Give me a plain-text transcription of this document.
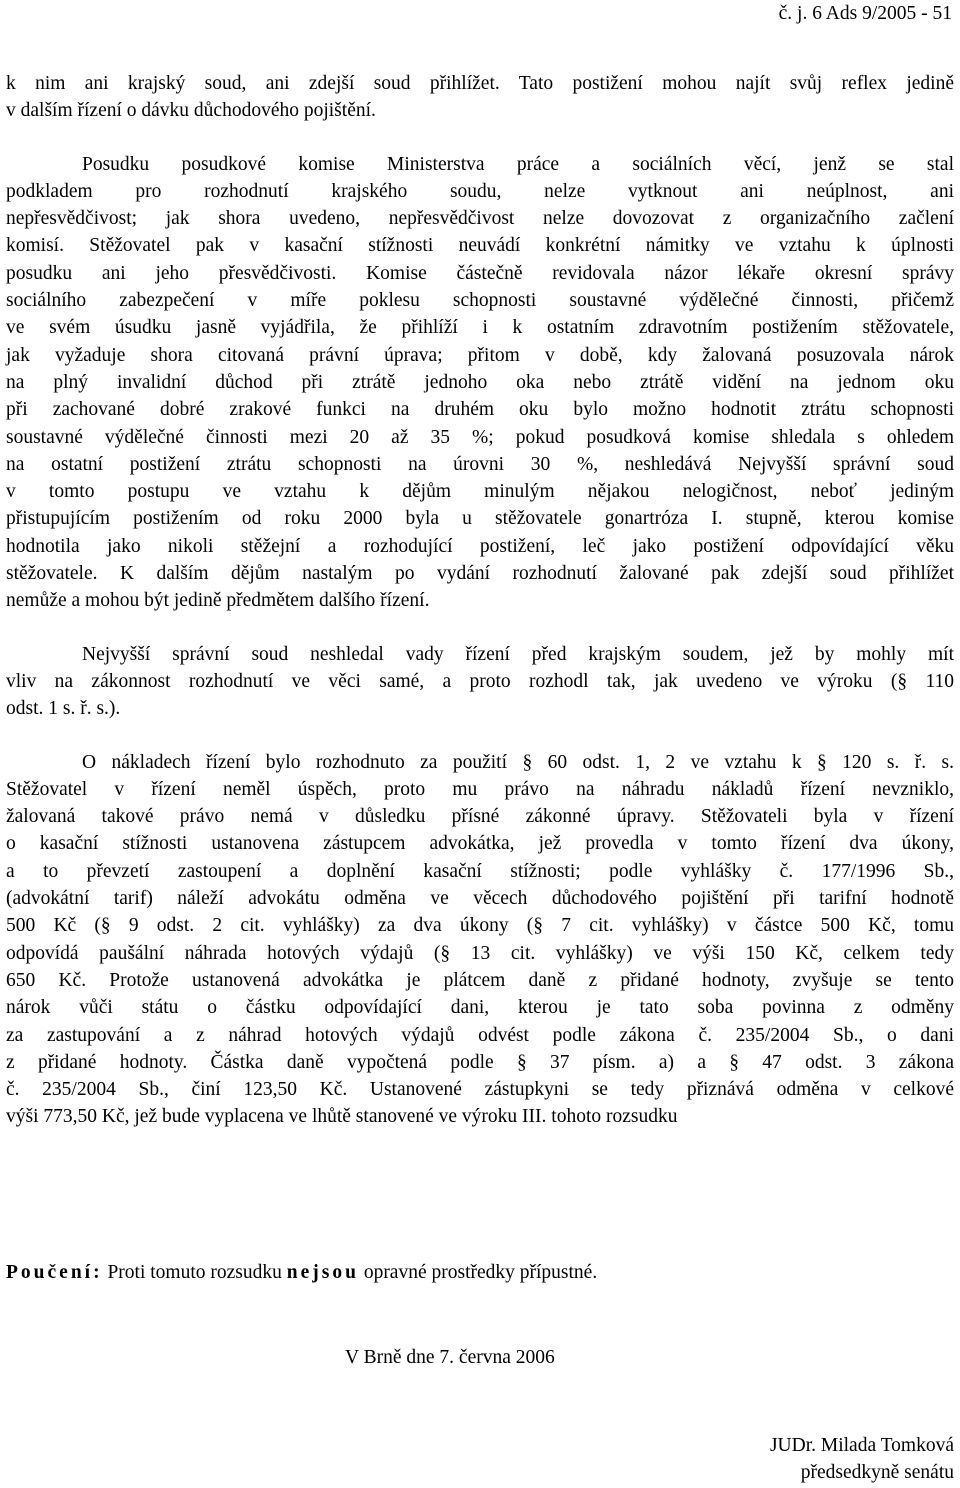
č. j. 6 Ads 9/2005 - 51
k nim ani krajský soud, ani zdejší soud přihlížet. Tato postižení mohou najít svůj reflex jedině
v dalším řízení o dávku důchodového pojištění.
Posudku posudkové komise Ministerstva práce a sociálních věcí, jenž se stal
podkladem pro rozhodnutí krajského soudu, nelze vytknout ani neúplnost, ani
nepřesvědčivost; jak shora uvedeno, nepřesvědčivost nelze dovozovat z organizačního začlení
komisí. Stěžovatel pak v kasační stížnosti neuvádí konkrétní námitky ve vztahu k úplnosti
posudku ani jeho přesvědčivosti. Komise částečně revidovala názor lékaře okresní správy
sociálního zabezpečení v míře poklesu schopnosti soustavné výdělečné činnosti, přičemž
ve svém úsudku jasně vyjádřila, že přihlíží i k ostatním zdravotním postižením stěžovatele,
jak vyžaduje shora citovaná právní úprava; přitom v době, kdy žalovaná posuzovala nárok
na plný invalidní důchod při ztrátě jednoho oka nebo ztrátě vidění na jednom oku
při zachované dobré zrakové funkci na druhém oku bylo možno hodnotit ztrátu schopnosti
soustavné výdělečné činnosti mezi 20 až 35 %; pokud posudková komise shledala s ohledem
na ostatní postižení ztrátu schopnosti na úrovni 30 %, neshledává Nejvyšší správní soud
v tomto postupu ve vztahu k dějům minulým nějakou nelogičnost, neboť jediným
přistupujícím postižením od roku 2000 byla u stěžovatele gonartróza I. stupně, kterou komise
hodnotila jako nikoli stěžejní a rozhodující postižení, leč jako postižení odpovídající věku
stěžovatele. K dalším dějům nastalým po vydání rozhodnutí žalované pak zdejší soud přihlížet
nemůže a mohou být jedině předmětem dalšího řízení.
Nejvyšší správní soud neshledal vady řízení před krajským soudem, jež by mohly mít
vliv na zákonnost rozhodnutí ve věci samé, a proto rozhodl tak, jak uvedeno ve výroku (§ 110
odst. 1 s. ř. s.).
O nákladech řízení bylo rozhodnuto za použití § 60 odst. 1, 2 ve vztahu k § 120 s. ř. s.
Stěžovatel v řízení neměl úspěch, proto mu právo na náhradu nákladů řízení nevzniklo,
žalovaná takové právo nemá v důsledku přísné zákonné úpravy. Stěžovateli byla v řízení
o kasační stížnosti ustanovena zástupcem advokátka, jež provedla v tomto řízení dva úkony,
a to převzetí zastoupení a doplnění kasační stížnosti; podle vyhlášky č. 177/1996 Sb.,
(advokátní tarif) náleží advokátu odměna ve věcech důchodového pojištění při tarifní hodnotě
500 Kč (§ 9 odst. 2 cit. vyhlášky) za dva úkony (§ 7 cit. vyhlášky) v částce 500 Kč, tomu
odpovídá paušální náhrada hotových výdajů (§ 13 cit. vyhlášky) ve výši 150 Kč, celkem tedy
650 Kč. Protože ustanovená advokátka je plátcem daně z přidané hodnoty, zvyšuje se tento
nárok vůči státu o částku odpovídající dani, kterou je tato soba povinna z odměny
za zastupování a z náhrad hotových výdajů odvést podle zákona č. 235/2004 Sb., o dani
z přidané hodnoty. Částka daně vypočtená podle § 37 písm. a) a § 47 odst. 3 zákona
č. 235/2004 Sb., činí 123,50 Kč. Ustanovené zástupkyni se tedy přiznává odměna v celkové
výši 773,50 Kč, jež bude vyplacena ve lhůtě stanovené ve výroku III. tohoto rozsudku
Poučení: Proti tomuto rozsudku nejsou opravné prostředky přípustné.
V Brně dne 7. června 2006
JUDr. Milada Tomková
předsedkyně senátu
